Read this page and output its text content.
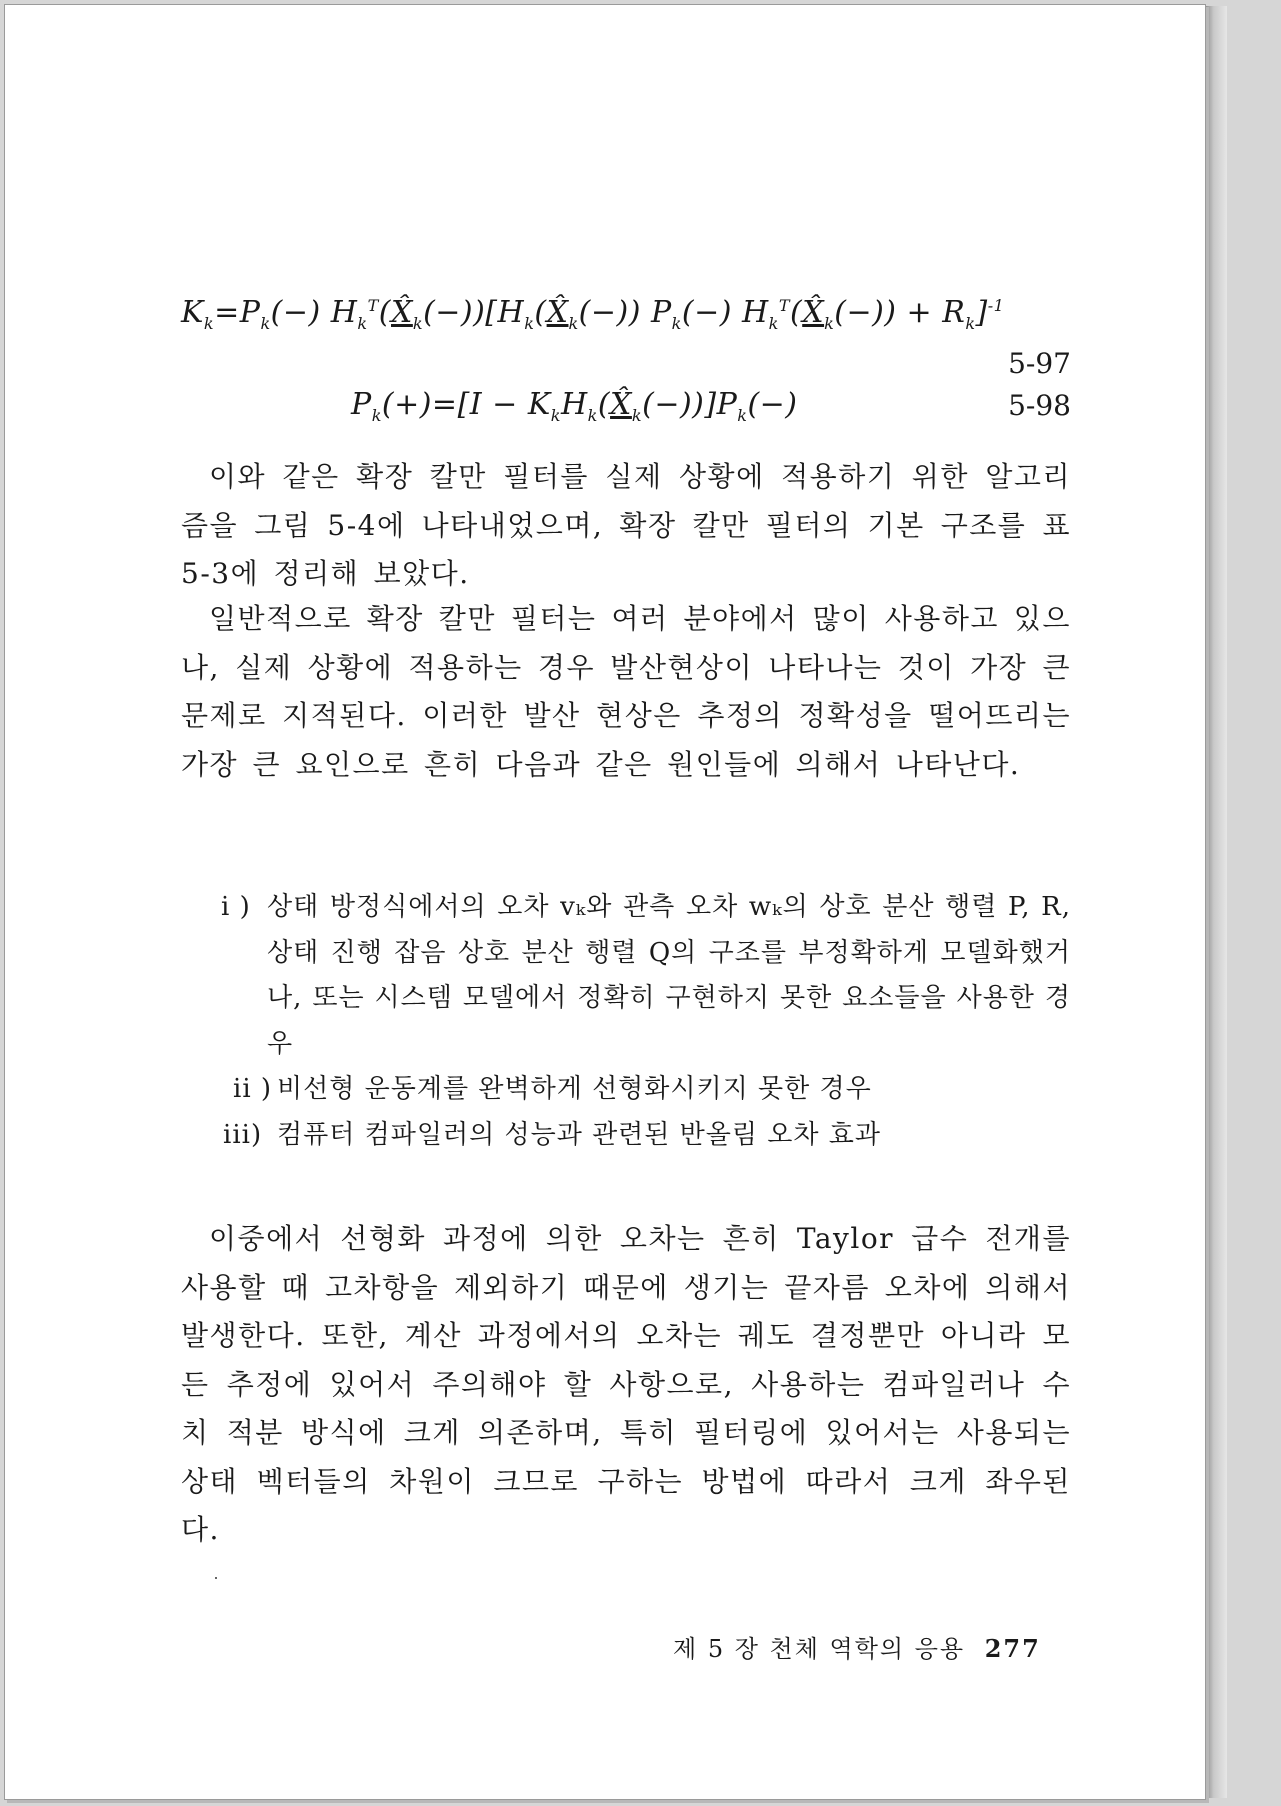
$K_k=P_k(-)$ $H_k^T(X̂_k(-))[H_k(X̂_k(-))$ $P_k(-)$ $H_k^T(X̂_k(-)) + R_k]^{-1}$
5-97
$P_k(+)=[I$ − $K_kH_k(X̂_k(-))]P_k(-)$	5-98

이와 같은 확장 칼만 필터를 실제 상황에 적용하기 위한 알고리즘을 그림 5-4에 나타내었으며, 확장 칼만 필터의 기본 구조를 표 5-3에 정리해 보았다.

일반적으로 확장 칼만 필터는 여러 분야에서 많이 사용하고 있으나, 실제 상황에 적용하는 경우 발산현상이 나타나는 것이 가장 큰 문제로 지적된다. 이러한 발산 현상은 추정의 정확성을 떨어뜨리는 가장 큰 요인으로 흔히 다음과 같은 원인들에 의해서 나타난다.

i ) 상태 방정식에서의 오차 vₖ와 관측 오차 wₖ의 상호 분산 행렬 P, R, 상태 진행 잡음 상호 분산 행렬 Q의 구조를 부정확하게 모델화했거나, 또는 시스템 모델에서 정확히 구현하지 못한 요소들을 사용한 경우
ii ) 비선형 운동계를 완벽하게 선형화시키지 못한 경우
iii) 컴퓨터 컴파일러의 성능과 관련된 반올림 오차 효과

이중에서 선형화 과정에 의한 오차는 흔히 Taylor 급수 전개를 사용할 때 고차항을 제외하기 때문에 생기는 끝자름 오차에 의해서 발생한다. 또한, 계산 과정에서의 오차는 궤도 결정뿐만 아니라 모든 추정에 있어서 주의해야 할 사항으로, 사용하는 컴파일러나 수치 적분 방식에 크게 의존하며, 특히 필터링에 있어서는 사용되는 상태 벡터들의 차원이 크므로 구하는 방법에 따라서 크게 좌우된다.

제 5 장 천체 역학의 응용 277
